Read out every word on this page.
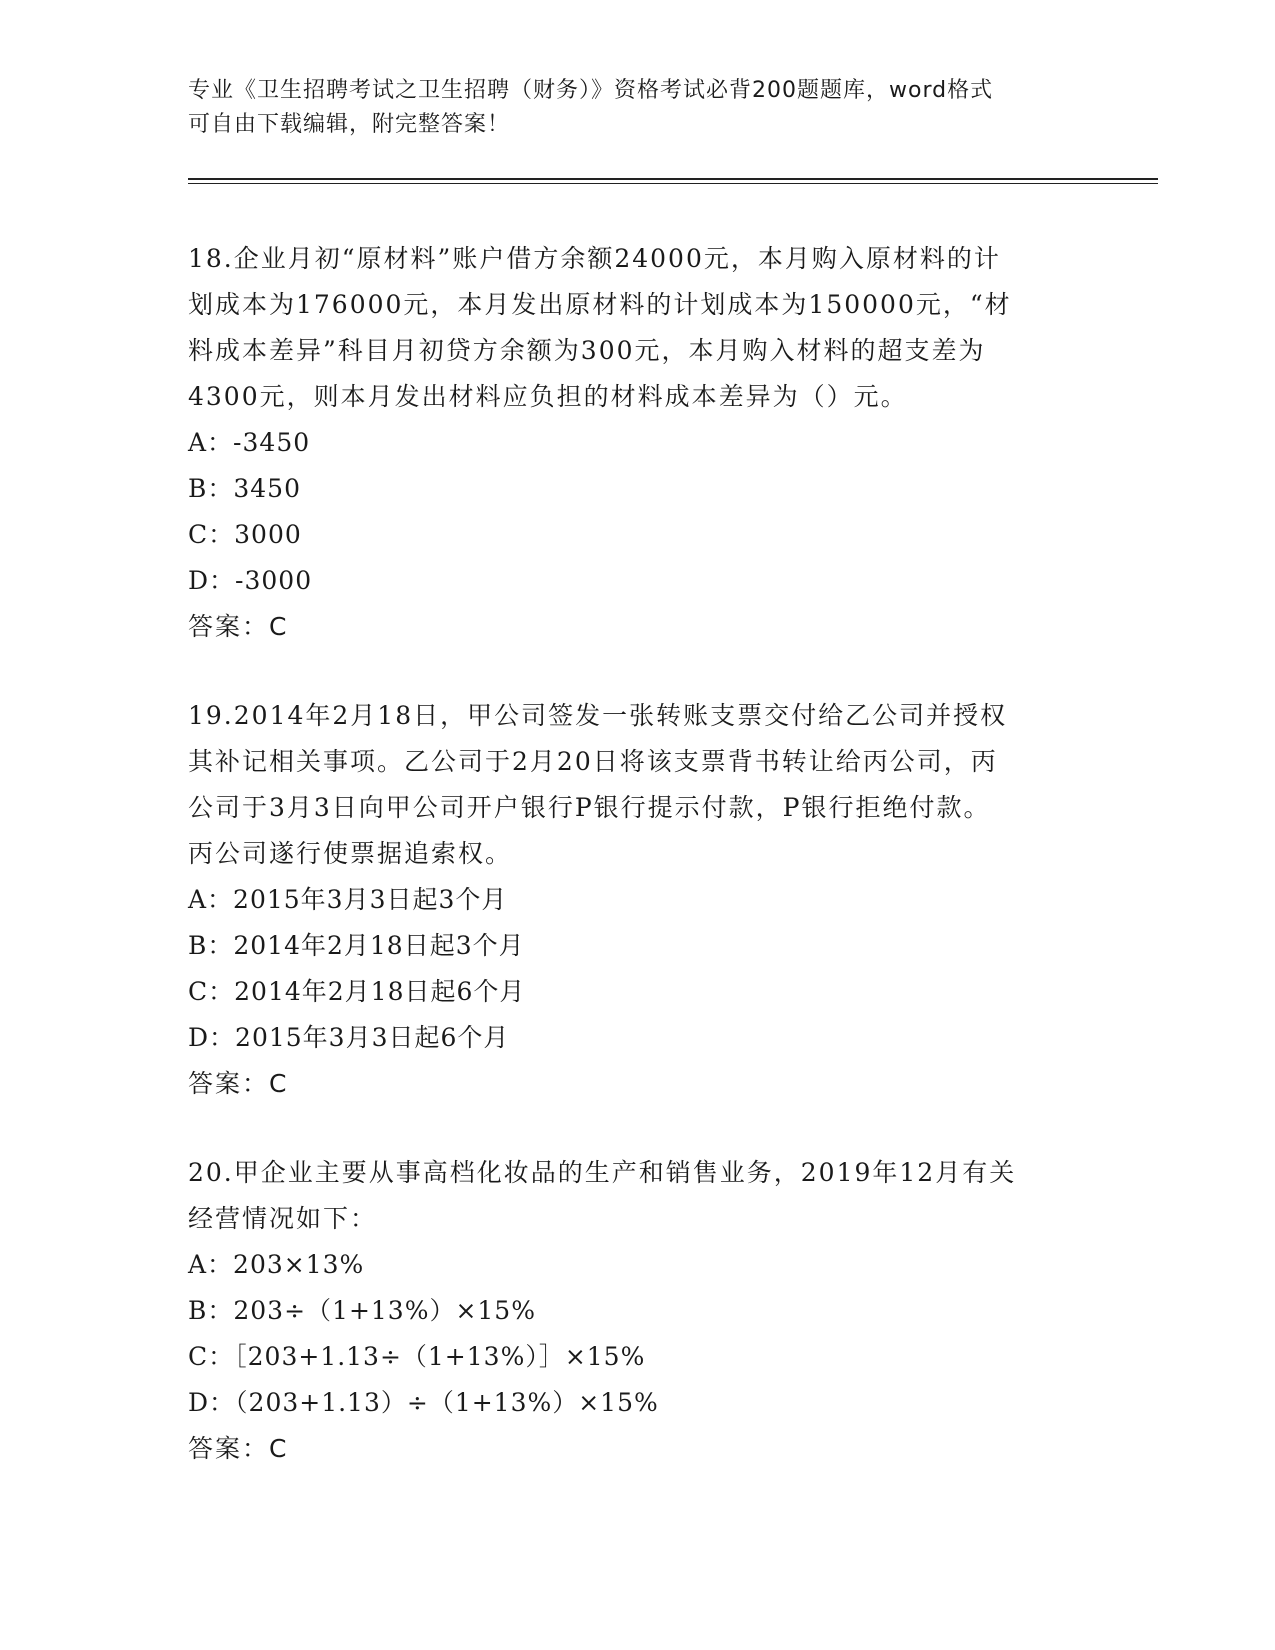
专业《卫生招聘考试之卫生招聘（财务）》资格考试必背200题题库，word格式
可自由下载编辑，附完整答案！
18.企业月初“原材料”账户借方余额24000元，本月购入原材料的计
划成本为176000元，本月发出原材料的计划成本为150000元，“材
料成本差异”科目月初贷方余额为300元，本月购入材料的超支差为
4300元，则本月发出材料应负担的材料成本差异为（）元。
A：-3450
B：3450
C：3000
D：-3000
答案：C
19.2014年2月18日，甲公司签发一张转账支票交付给乙公司并授权
其补记相关事项。乙公司于2月20日将该支票背书转让给丙公司，丙
公司于3月3日向甲公司开户银行P银行提示付款，P银行拒绝付款。
丙公司遂行使票据追索权。
A：2015年3月3日起3个月
B：2014年2月18日起3个月
C：2014年2月18日起6个月
D：2015年3月3日起6个月
答案：C
20.甲企业主要从事高档化妆品的生产和销售业务，2019年12月有关
经营情况如下：
A：203×13%
B：203÷（1+13%）×15%
C：［203+1.13÷（1+13%）］×15%
D：（203+1.13）÷（1+13%）×15%
答案：C
